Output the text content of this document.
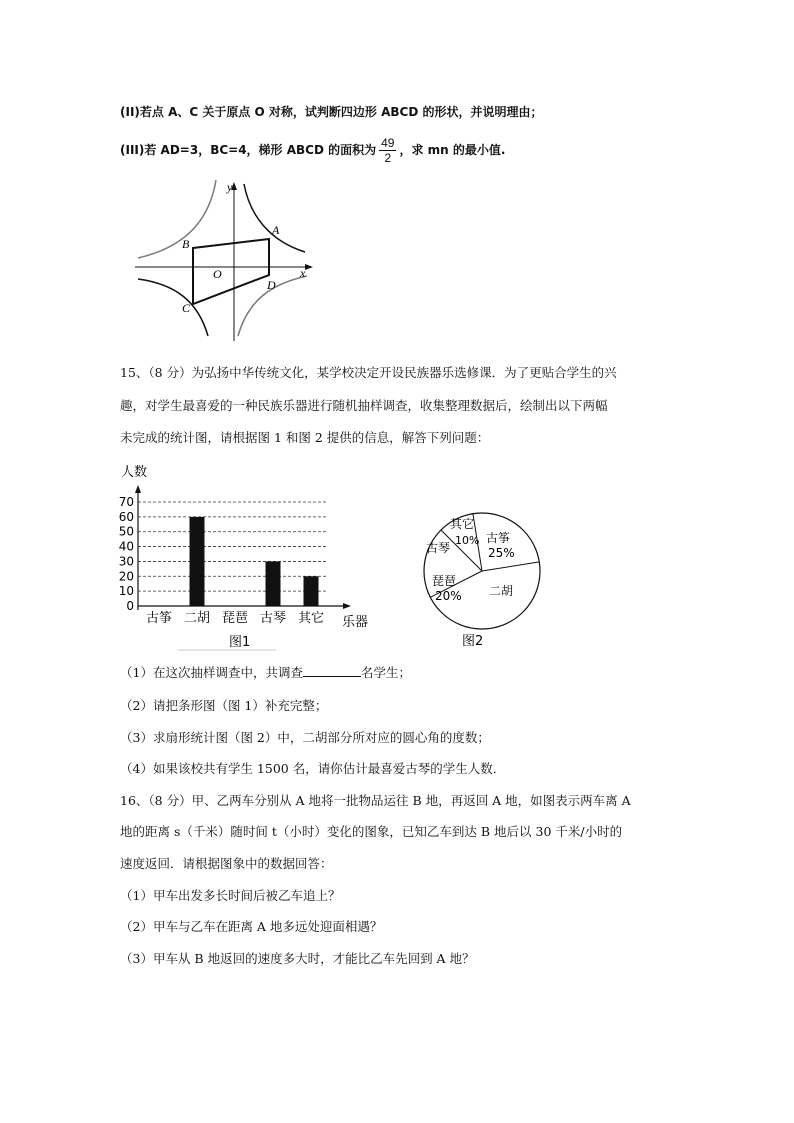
(II)若点 A、C 关于原点 O 对称，试判断四边形 ABCD 的形状，并说明理由；
(III)若 AD=3，BC=4，梯形 ABCD 的面积为 $\frac{49}{2}$ ，求 mn 的最小值.
y
x
O
A
B
C
D
15、（8 分）为弘扬中华传统文化，某学校决定开设民族器乐选修课．为了更贴合学生的兴
趣，对学生最喜爱的一种民族乐器进行随机抽样调查，收集整理数据后，绘制出以下两幅
未完成的统计图，请根据图 1 和图 2 提供的信息，解答下列问题：
人数
乐器
图1
0
10
20
30
40
50
60
70
古筝 二胡 琵琶 古琴 其它
古琴
其它
10% 古筝
25%
二胡
琵琶
20%
图2
（1）在这次抽样调查中，共调查	名学生；
（2）请把条形图（图 1）补充完整；
（3）求扇形统计图（图 2）中，二胡部分所对应的圆心角的度数；
（4）如果该校共有学生 1500 名，请你估计最喜爱古琴的学生人数．
16、（8 分）甲、乙两车分别从 A 地将一批物品运往 B 地，再返回 A 地，如图表示两车离 A
地的距离 s（千米）随时间 t（小时）变化的图象，已知乙车到达 B 地后以 30 千米/小时的
速度返回．请根据图象中的数据回答：
（1）甲车出发多长时间后被乙车追上？
（2）甲车与乙车在距离 A 地多远处迎面相遇？
（3）甲车从 B 地返回的速度多大时，才能比乙车先回到 A 地？
